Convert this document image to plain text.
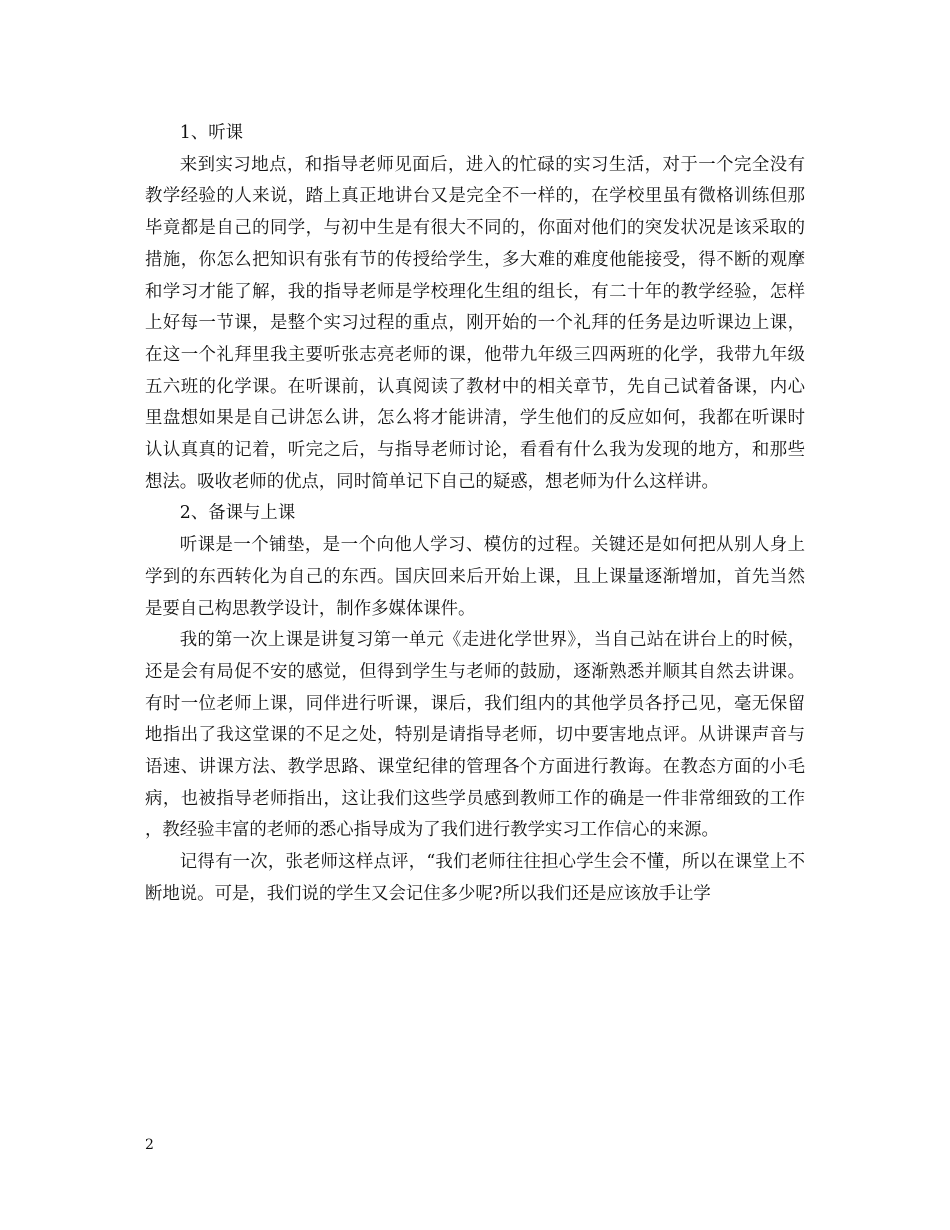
1、听课

来到实习地点，和指导老师见面后，进入的忙碌的实习生活，对于一个完全没有教学经验的人来说，踏上真正地讲台又是完全不一样的，在学校里虽有微格训练但那毕竟都是自己的同学，与初中生是有很大不同的，你面对他们的突发状况是该采取的措施，你怎么把知识有张有节的传授给学生，多大难的难度他能接受，得不断的观摩和学习才能了解，我的指导老师是学校理化生组的组长，有二十年的教学经验，怎样上好每一节课，是整个实习过程的重点，刚开始的一个礼拜的任务是边听课边上课，在这一个礼拜里我主要听张志亮老师的课，他带九年级三四两班的化学，我带九年级五六班的化学课。在听课前，认真阅读了教材中的相关章节，先自己试着备课，内心里盘想如果是自己讲怎么讲，怎么将才能讲清，学生他们的反应如何，我都在听课时认认真真的记着，听完之后，与指导老师讨论，看看有什么我为发现的地方，和那些想法。吸收老师的优点，同时简单记下自己的疑惑，想老师为什么这样讲。

2、备课与上课

听课是一个铺垫，是一个向他人学习、模仿的过程。关键还是如何把从别人身上学到的东西转化为自己的东西。国庆回来后开始上课，且上课量逐渐增加，首先当然是要自己构思教学设计，制作多媒体课件。

我的第一次上课是讲复习第一单元《走进化学世界》，当自己站在讲台上的时候，还是会有局促不安的感觉，但得到学生与老师的鼓励，逐渐熟悉并顺其自然去讲课。有时一位老师上课，同伴进行听课，课后，我们组内的其他学员各抒己见，毫无保留地指出了我这堂课的不足之处，特别是请指导老师，切中要害地点评。从讲课声音与语速、讲课方法、教学思路、课堂纪律的管理各个方面进行教诲。在教态方面的小毛病，也被指导老师指出，这让我们这些学员感到教师工作的确是一件非常细致的工作，教经验丰富的老师的悉心指导成为了我们进行教学实习工作信心的来源。

记得有一次，张老师这样点评，“我们老师往往担心学生会不懂，所以在课堂上不断地说。可是，我们说的学生又会记住多少呢?所以我们还是应该放手让学

2
